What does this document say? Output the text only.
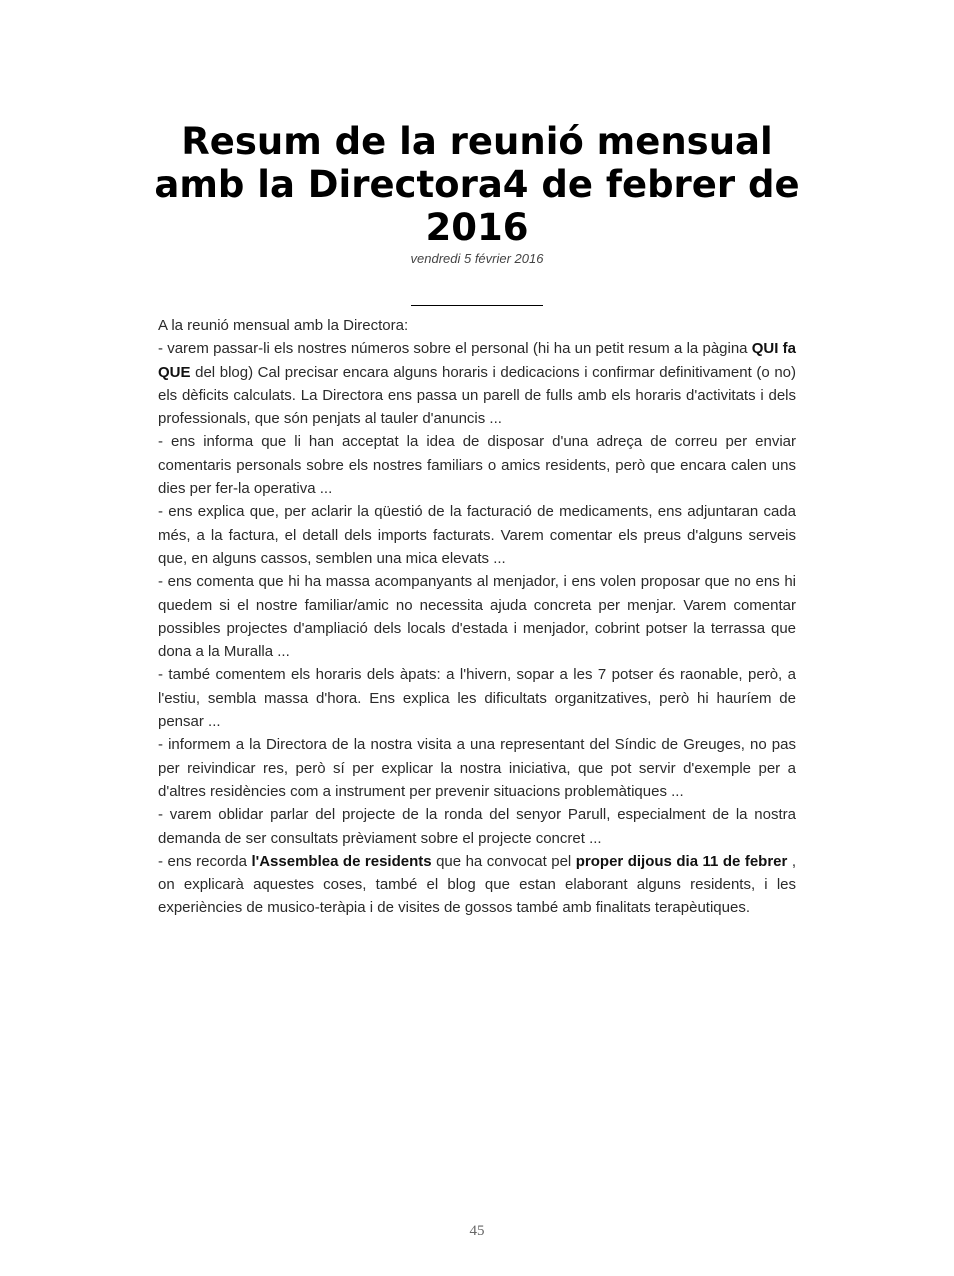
Resum de la reunió mensual amb la Directora4 de febrer de 2016
vendredi 5 février 2016

A la reunió mensual amb la Directora:

- varem passar-li els nostres números sobre el personal (hi ha un petit resum a la pàgina QUI fa QUE del blog) Cal precisar encara alguns horaris i dedicacions i confirmar definitivament (o no) els dèficits calculats. La Directora ens passa un parell de fulls amb els horaris d'activitats i dels professionals, que són penjats al tauler d'anuncis ...

- ens informa que li han acceptat la idea de disposar d'una adreça de correu per enviar comentaris personals sobre els nostres familiars o amics residents, però que encara calen uns dies per fer-la operativa ...

- ens explica que, per aclarir la qüestió de la facturació de medicaments, ens adjuntaran cada més, a la factura, el detall dels imports facturats. Varem comentar els preus d'alguns serveis que, en alguns cassos, semblen una mica elevats ...

- ens comenta que hi ha massa acompanyants al menjador, i ens volen proposar que no ens hi quedem si el nostre familiar/amic no necessita ajuda concreta per menjar. Varem comentar possibles projectes d'ampliació dels locals d'estada i menjador, cobrint potser la terrassa que dona a la Muralla ...

- també comentem els horaris dels àpats: a l'hivern, sopar a les 7 potser és raonable, però, a l'estiu, sembla massa d'hora. Ens explica les dificultats organitzatives, però hi hauríem de pensar ...

- informem a la Directora de la nostra visita a una representant del Síndic de Greuges, no pas per reivindicar res, però sí per explicar la nostra iniciativa, que pot servir d'exemple per a d'altres residències com a instrument per prevenir situacions problemàtiques ...

- varem oblidar parlar del projecte de la ronda del senyor Parull, especialment de la nostra demanda de ser consultats prèviament sobre el projecte concret ...

- ens recorda l'Assemblea de residents que ha convocat pel proper dijous dia 11 de febrer , on explicarà aquestes coses, també el blog que estan elaborant alguns residents, i les experiències de musico-teràpia i de visites de gossos també amb finalitats terapèutiques.

45
